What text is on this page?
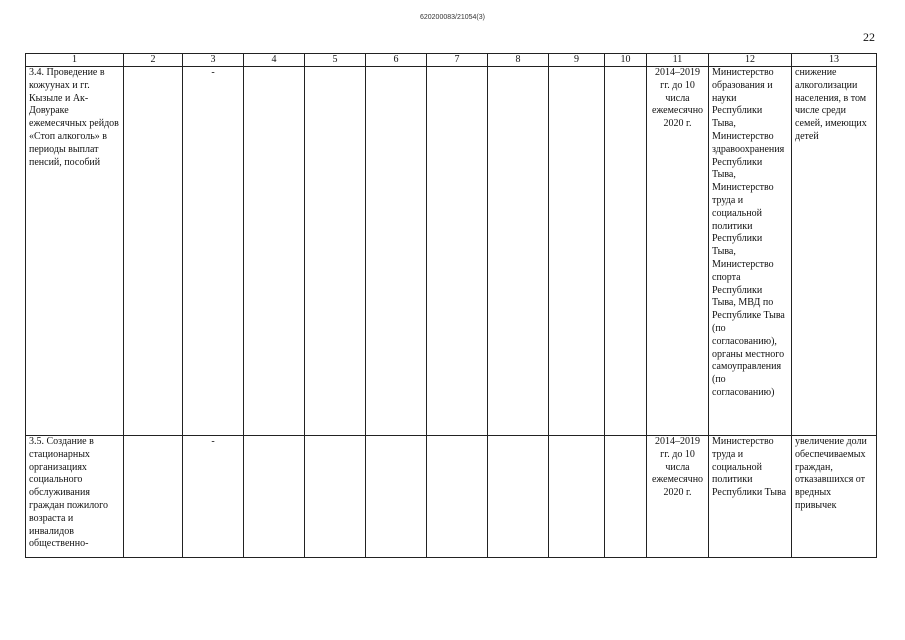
620200083/21054(3)
22
1	2	3	4	5	6	7	8	9	10	11	12	13
3.4. Проведение в кожуунах и гг. Кызыле и Ак-Довураке ежемесячных рейдов «Стоп алкоголь» в периоды выплат пенсий, пособий		-								2014–2019 гг. до 10 числа ежемесячно 2020 г.	Министерство образования и науки Республики Тыва, Министерство здравоохранения Республики Тыва, Министерство труда и социальной политики Республики Тыва, Министерство спорта Республики Тыва, МВД по Республике Тыва (по согласованию), органы местного самоуправления (по согласованию)	снижение алкоголизации населения, в том числе среди семей, имеющих детей
3.5. Создание в стационарных организациях социального обслуживания граждан пожилого возраста и инвалидов общественно-		-								2014–2019 гг. до 10 числа ежемесячно 2020 г.	Министерство труда и социальной политики Республики Тыва	увеличение доли обеспечиваемых граждан, отказавшихся от вредных привычек
